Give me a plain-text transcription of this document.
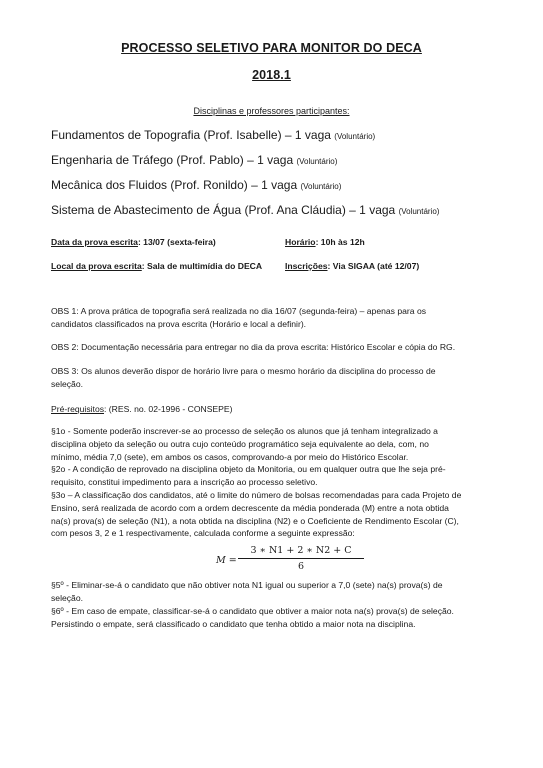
PROCESSO SELETIVO PARA MONITOR DO DECA
2018.1
Disciplinas e professores participantes:
Fundamentos de Topografia (Prof. Isabelle) – 1 vaga (Voluntário)
Engenharia de Tráfego (Prof. Pablo) – 1 vaga (Voluntário)
Mecânica dos Fluidos (Prof. Ronildo) – 1 vaga (Voluntário)
Sistema de Abastecimento de Água (Prof. Ana Cláudia) – 1 vaga (Voluntário)
Data da prova escrita: 13/07 (sexta-feira)	Horário: 10h às 12h
Local da prova escrita: Sala de multimídia do DECA	Inscrições: Via SIGAA (até 12/07)
OBS 1: A prova prática de topografia será realizada no dia 16/07 (segunda-feira) – apenas para os
candidatos classificados na prova escrita (Horário e local a definir).
OBS 2: Documentação necessária para entregar no dia da prova escrita: Histórico Escolar e cópia do RG.
OBS 3: Os alunos deverão dispor de horário livre para o mesmo horário da disciplina do processo de
seleção.
Pré-requisitos: (RES. no. 02-1996 - CONSEPE)
§1o - Somente poderão inscrever-se ao processo de seleção os alunos que já tenham integralizado a
disciplina objeto da seleção ou outra cujo conteúdo programático seja equivalente ao dela, com, no
mínimo, média 7,0 (sete), em ambos os casos, comprovando-a por meio do Histórico Escolar.
§2o - A condição de reprovado na disciplina objeto da Monitoria, ou em qualquer outra que lhe seja pré-
requisito, constitui impedimento para a inscrição ao processo seletivo.
§3o – A classificação dos candidatos, até o limite do número de bolsas recomendadas para cada Projeto de
Ensino, será realizada de acordo com a ordem decrescente da média ponderada (M) entre a nota obtida
na(s) prova(s) de seleção (N1), a nota obtida na disciplina (N2) e o Coeficiente de Rendimento Escolar (C),
com pesos 3, 2 e 1 respectivamente, calculada conforme a seguinte expressão:
M =
3 ∗ N1 + 2 ∗ N2 + C
6
§5º - Eliminar-se-á o candidato que não obtiver nota N1 igual ou superior a 7,0 (sete) na(s) prova(s) de
seleção.
§6º - Em caso de empate, classificar-se-á o candidato que obtiver a maior nota na(s) prova(s) de seleção.
Persistindo o empate, será classificado o candidato que tenha obtido a maior nota na disciplina.
